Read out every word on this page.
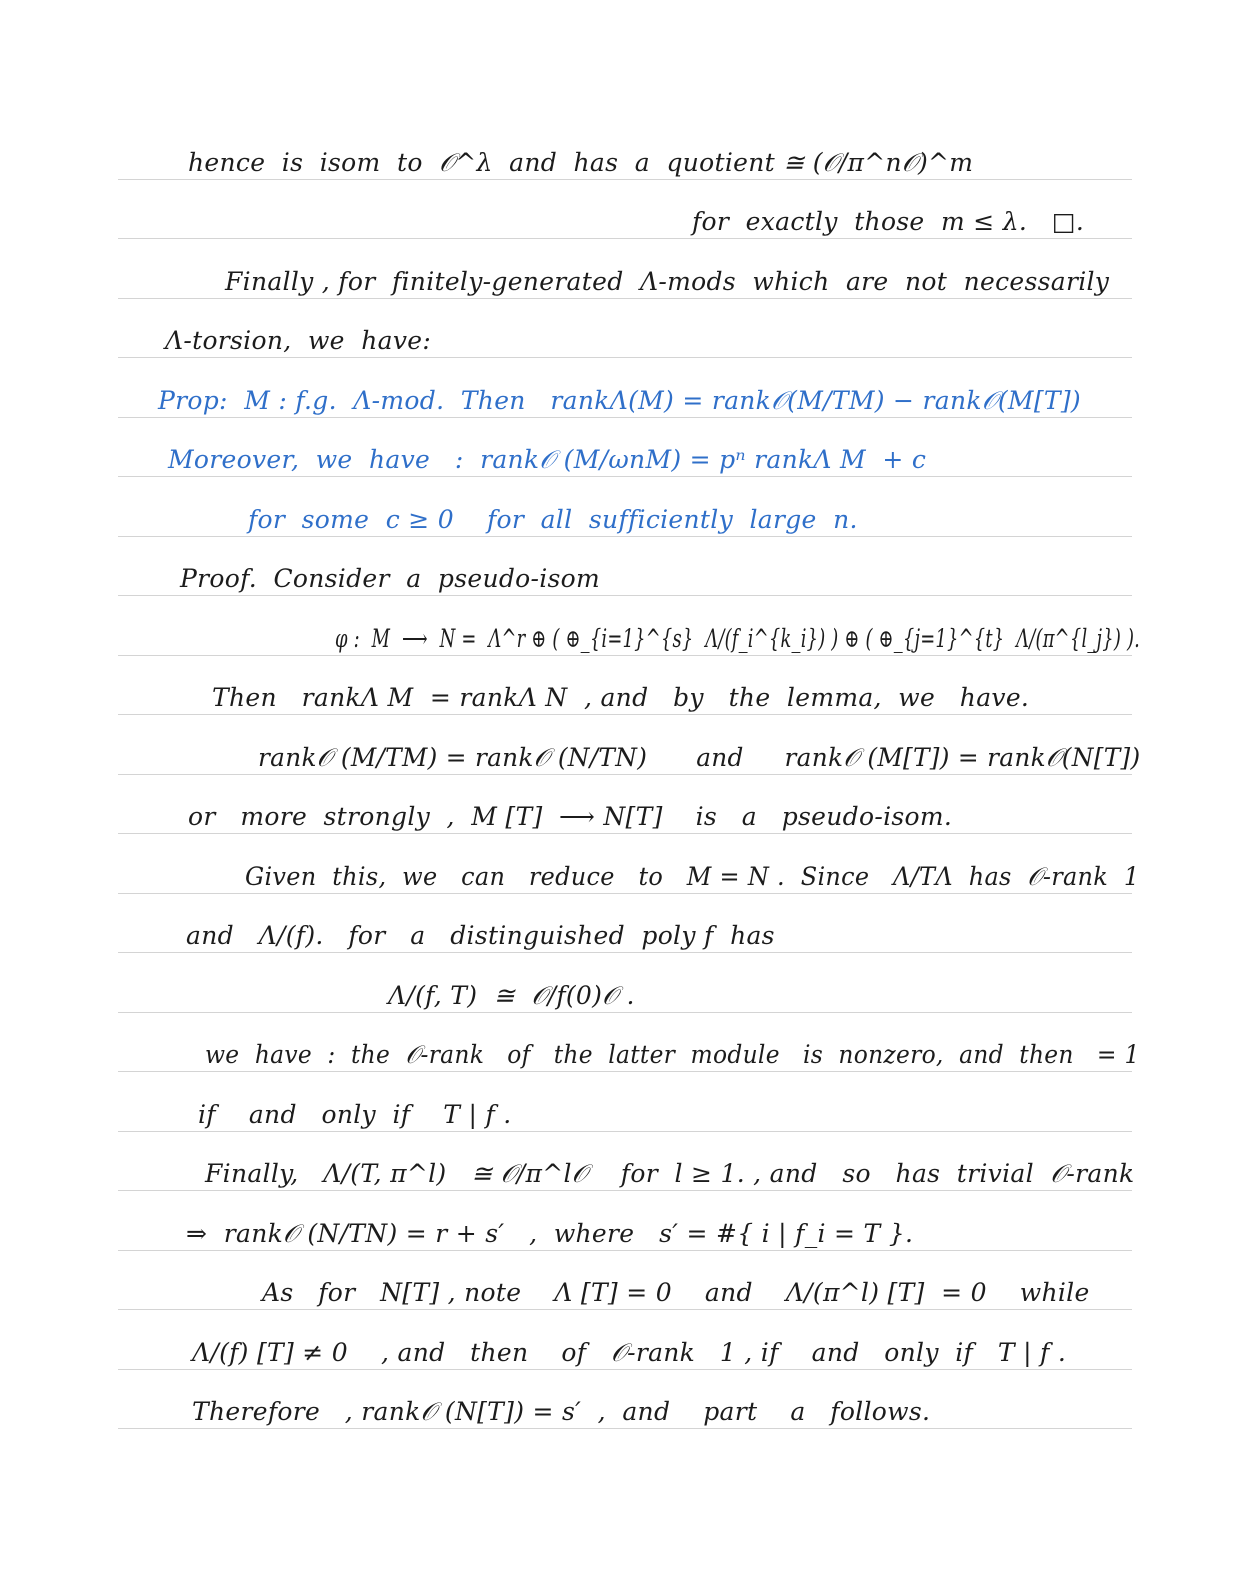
hence  is  isom  to  𝒪^λ  and  has  a  quotient ≅ (𝒪/π^n𝒪)^m
for  exactly  those  m ≤ λ.   □.
Finally , for  finitely-generated  Λ-mods  which  are  not  necessarily
Λ-torsion,  we  have:
Prop:  M : f.g.  Λ-mod.  Then   rankΛ(M) = rank𝒪(M/TM) − rank𝒪(M[T])
Moreover,  we  have   :  rank𝒪 (M/ωnM) = pⁿ rankΛ M  + c
for  some  c ≥ 0    for  all  sufficiently  large  n.
Proof.  Consider  a  pseudo-isom
φ :  M  ⟶  N =  Λ^r ⊕ ( ⊕_{i=1}^{s}  Λ/(f_i^{k_i}) ) ⊕ ( ⊕_{j=1}^{t}  Λ/(π^{l_j}) ).
Then   rankΛ M  = rankΛ N  , and   by   the  lemma,  we   have.
rank𝒪 (M/TM) = rank𝒪 (N/TN)      and     rank𝒪 (M[T]) = rank𝒪(N[T])
or   more  strongly  ,  M [T]  ⟶ N[T]    is   a   pseudo-isom.
Given  this,  we   can   reduce   to   M = N .  Since   Λ/TΛ  has  𝒪-rank  1
and   Λ/(f).   for   a   distinguished  poly f  has
Λ/(f, T)  ≅  𝒪/f(0)𝒪 .
we  have  :  the  𝒪-rank   of   the  latter  module   is  nonzero,  and  then   = 1
if    and   only  if    T | f .
Finally,   Λ/(T, π^l)   ≅ 𝒪/π^l𝒪    for  l ≥ 1. , and   so   has  trivial  𝒪-rank
⇒  rank𝒪 (N/TN) = r + s′   ,  where   s′ = #{ i | f_i = T }.
As   for   N[T] , note    Λ [T] = 0    and    Λ/(π^l) [T]  = 0    while
Λ/(f) [T] ≠ 0    , and   then    of   𝒪-rank   1 , if    and   only  if   T | f .
Therefore   , rank𝒪 (N[T]) = s′  ,  and    part    a   follows.
